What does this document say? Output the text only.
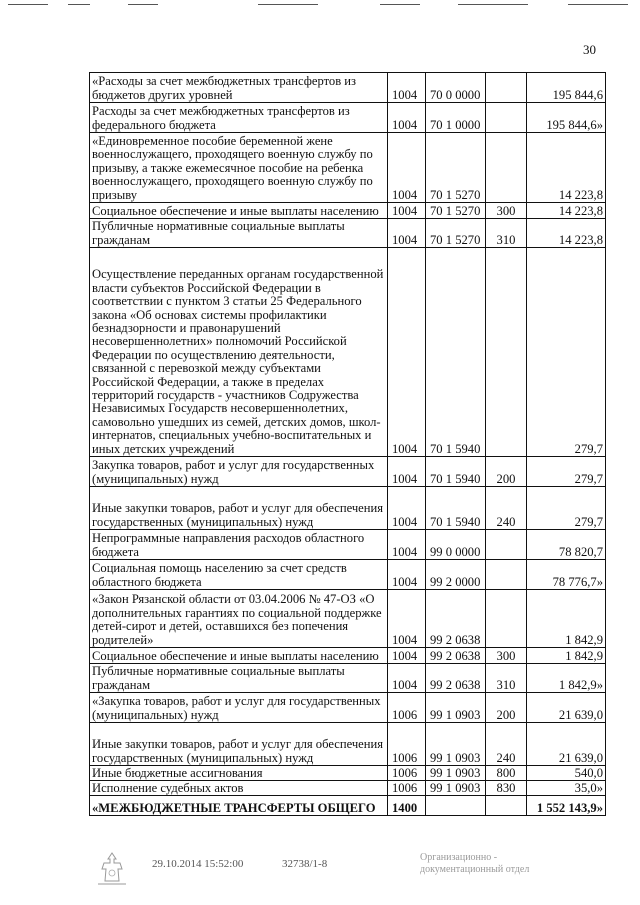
30
«Расходы за счет межбюджетных трансфертов из бюджетов других уровней	1004	70 0 0000		195 844,6
Расходы за счет межбюджетных трансфертов из федерального бюджета	1004	70 1 0000		195 844,6»
«Единовременное пособие беременной жене военнослужащего, проходящего военную службу по призыву, а также ежемесячное пособие на ребенка военнослужащего, проходящего военную службу по призыву	1004	70 1 5270		14 223,8
Социальное обеспечение и иные выплаты населению	1004	70 1 5270	300	14 223,8
Публичные нормативные социальные выплаты гражданам	1004	70 1 5270	310	14 223,8
Осуществление переданных органам государственной власти субъектов Российской Федерации в соответствии с пунктом 3 статьи 25 Федерального закона «Об основах системы профилактики безнадзорности и правонарушений несовершеннолетних» полномочий Российской Федерации по осуществлению деятельности, связанной с перевозкой между субъектами Российской Федерации, а также в пределах территорий государств - участников Содружества Независимых Государств несовершеннолетних, самовольно ушедших из семей, детских домов, школ-интернатов, специальных учебно-воспитательных и иных детских учреждений	1004	70 1 5940		279,7
Закупка товаров, работ и услуг для государственных (муниципальных) нужд	1004	70 1 5940	200	279,7
Иные закупки товаров, работ и услуг для обеспечения государственных (муниципальных) нужд	1004	70 1 5940	240	279,7
Непрограммные направления расходов областного бюджета	1004	99 0 0000		78 820,7
Социальная помощь населению за счет средств областного бюджета	1004	99 2 0000		78 776,7»
«Закон Рязанской области от 03.04.2006 № 47-ОЗ «О дополнительных гарантиях по социальной поддержке детей-сирот и детей, оставшихся без попечения родителей»	1004	99 2 0638		1 842,9
Социальное обеспечение и иные выплаты населению	1004	99 2 0638	300	1 842,9
Публичные нормативные социальные выплаты гражданам	1004	99 2 0638	310	1 842,9»
«Закупка товаров, работ и услуг для государственных (муниципальных) нужд	1006	99 1 0903	200	21 639,0
Иные закупки товаров, работ и услуг для обеспечения государственных (муниципальных) нужд	1006	99 1 0903	240	21 639,0
Иные бюджетные ассигнования	1006	99 1 0903	800	540,0
Исполнение судебных актов	1006	99 1 0903	830	35,0»
«МЕЖБЮДЖЕТНЫЕ ТРАНСФЕРТЫ ОБЩЕГО	1400			1 552 143,9»
29.10.2014 15:52:00	32738/1-8
Организационно -
документационный отдел
